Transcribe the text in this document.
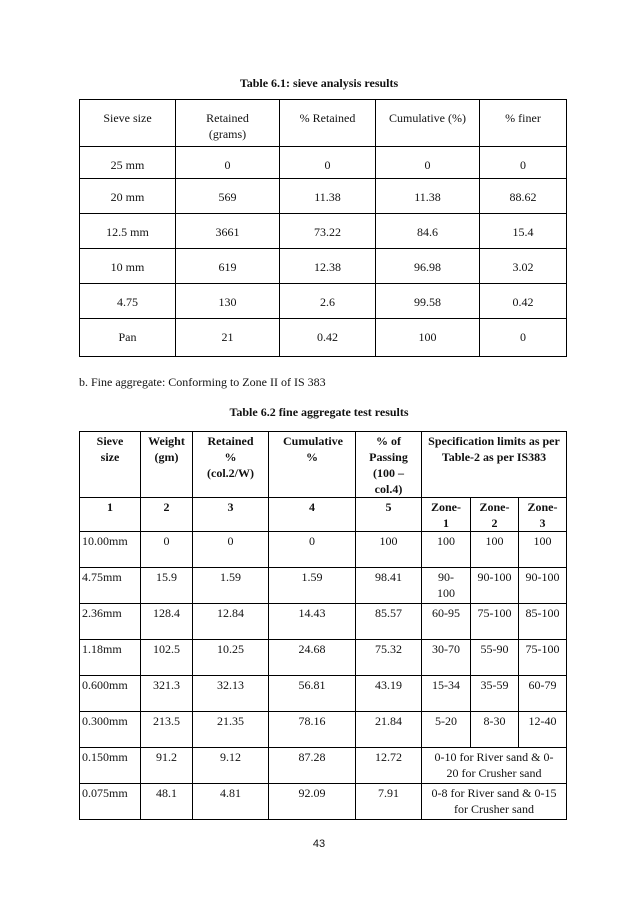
Table 6.1: sieve analysis results
Sieve size	Retained (grams)	% Retained	Cumulative (%)	% finer
25 mm	0	0	0	0
20 mm	569	11.38	11.38	88.62
12.5 mm	3661	73.22	84.6	15.4
10 mm	619	12.38	96.98	3.02
4.75	130	2.6	99.58	0.42
Pan	21	0.42	100	0
b. Fine aggregate: Conforming to Zone II of IS 383
Table 6.2 fine aggregate test results
Sieve size	Weight (gm)	Retained % (col.2/W)	Cumulative %	% of Passing (100 – col.4)	Specification limits as per Table-2 as per IS383		
1	2	3	4	5	Zone-1	Zone-2	Zone-3
10.00mm	0	0	0	100	100	100	100
4.75mm	15.9	1.59	1.59	98.41	90-100	90-100	90-100
2.36mm	128.4	12.84	14.43	85.57	60-95	75-100	85-100
1.18mm	102.5	10.25	24.68	75.32	30-70	55-90	75-100
0.600mm	321.3	32.13	56.81	43.19	15-34	35-59	60-79
0.300mm	213.5	21.35	78.16	21.84	5-20	8-30	12-40
0.150mm	91.2	9.12	87.28	12.72	0-10 for River sand & 0-20 for Crusher sand		
0.075mm	48.1	4.81	92.09	7.91	0-8 for River sand & 0-15 for Crusher sand		
43
